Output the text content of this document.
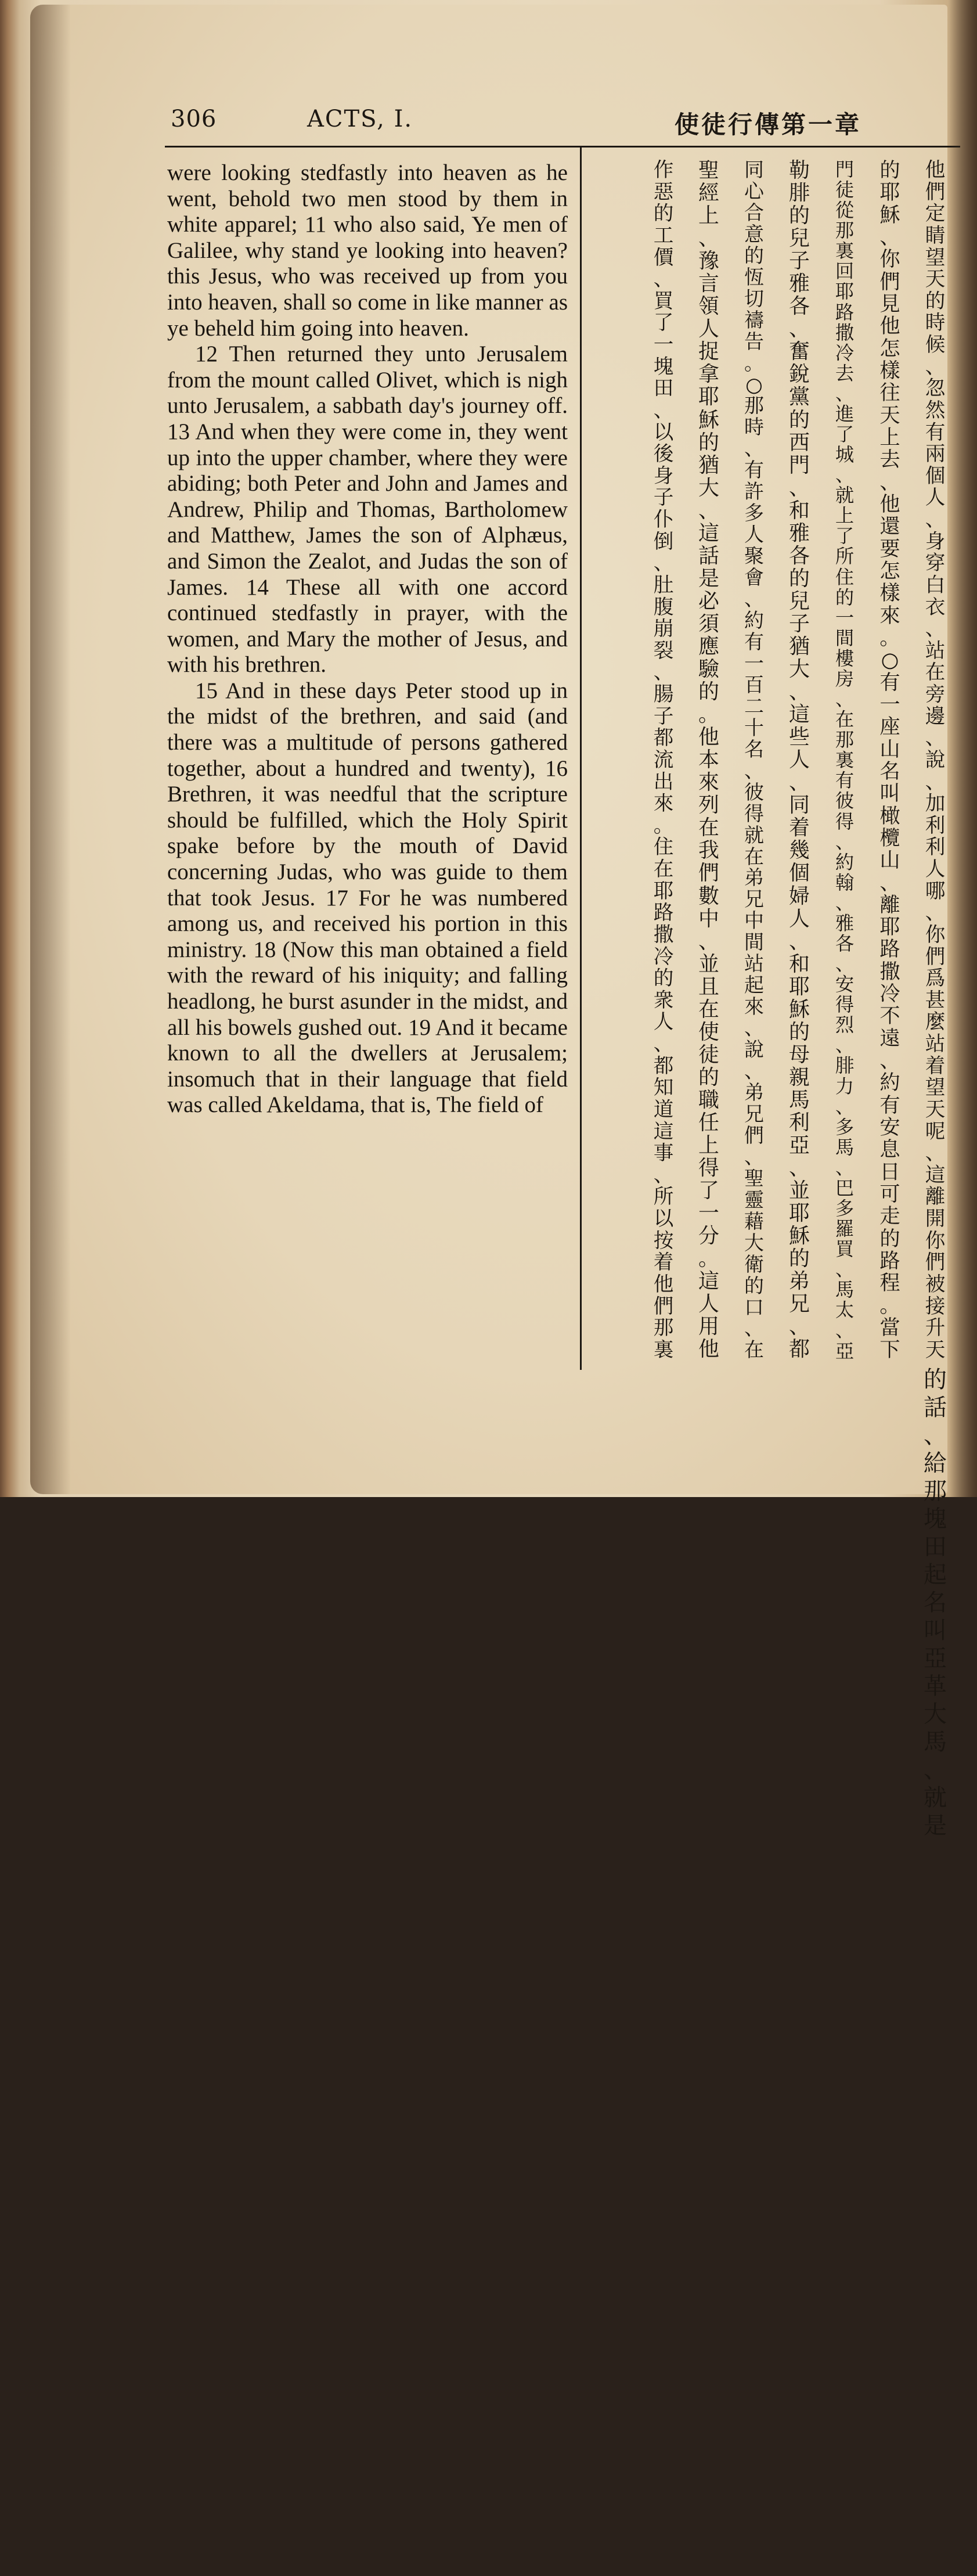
306	ACTS, I.	使徒行傳第一章

were looking stedfastly into heaven as he went, behold two men stood by them in white apparel; 11 who also said, Ye men of Galilee, why stand ye looking into heaven? this Jesus, who was received up from you into heaven, shall so come in like manner as ye beheld him going into heaven.

12 Then returned they unto Jerusalem from the mount called Olivet, which is nigh unto Jerusalem, a sabbath day's journey off. 13 And when they were come in, they went up into the upper chamber, where they were abiding; both Peter and John and James and Andrew, Philip and Thomas, Bartholomew and Matthew, James the son of Alphæus, and Simon the Zealot, and Judas the son of James. 14 These all with one accord continued stedfastly in prayer, with the women, and Mary the mother of Jesus, and with his brethren.

15 And in these days Peter stood up in the midst of the brethren, and said (and there was a multitude of persons gathered together, about a hundred and twenty), 16 Brethren, it was needful that the scripture should be fulfilled, which the Holy Spirit spake before by the mouth of David concerning Judas, who was guide to them that took Jesus. 17 For he was numbered among us, and received his portion in this ministry. 18 (Now this man obtained a field with the reward of his iniquity; and falling headlong, he burst asunder in the midst, and all his bowels gushed out. 19 And it became known to all the dwellers at Jerusalem; insomuch that in their language that field was called Akeldama, that is, The field of

他
們
定
睛
望
天
的
時
候
、
忽
然
有
兩
個
人
、
身
穿
白
衣
、
站
在
旁
邊
、
說
、
加
利
利
人
哪
、
你
們
爲
甚
麼
站
着
望
天
呢
、
這
離
開
你
們
被
接
升
天
的
耶
穌
、
你
們
見
他
怎
樣
往
天
上
去
、
他
還
要
怎
樣
來
。
○
有
一
座
山
名
叫
橄
欖
山
、
離
耶
路
撒
冷
不
遠
、
約
有
安
息
日
可
走
的
路
程
。
當
下
門
徒
從
那
裏
回
耶
路
撒
冷
去
、
進
了
城
、
就
上
了
所
住
的
一
間
樓
房
、
在
那
裏
有
彼
得
、
約
翰
、
雅
各
、
安
得
烈
、
腓
力
、
多
馬
、
巴
多
羅
買
、
馬
太
、
亞
勒
腓
的
兒
子
雅
各
、
奮
銳
黨
的
西
門
、
和
雅
各
的
兒
子
猶
大
、
這
些
人
、
同
着
幾
個
婦
人
、
和
耶
穌
的
母
親
馬
利
亞
、
並
耶
穌
的
弟
兄
、
都
同
心
合
意
的
恆
切
禱
告
。
○
那
時
、
有
許
多
人
聚
會
、
約
有
一
百
二
十
名
、
彼
得
就
在
弟
兄
中
間
站
起
來
、
說
、
弟
兄
們
、
聖
靈
藉
大
衛
的
口
、
在
聖
經
上
、
豫
言
領
人
捉
拿
耶
穌
的
猶
大
、
這
話
是
必
須
應
驗
的
。
他
本
來
列
在
我
們
數
中
、
並
且
在
使
徒
的
職
任
上
得
了
一
分
。
這
人
用
他
作
惡
的
工
價
、
買
了
一
塊
田
、
以
後
身
子
仆
倒
、
肚
腹
崩
裂
、
腸
子
都
流
出
來
。
住
在
耶
路
撒
冷
的
衆
人
、
都
知
道
這
事
、
所
以
按
着
他
們
那
裏
的
話
、
給
那
塊
田
起
名
叫
亞
革
大
馬
、
就
是
